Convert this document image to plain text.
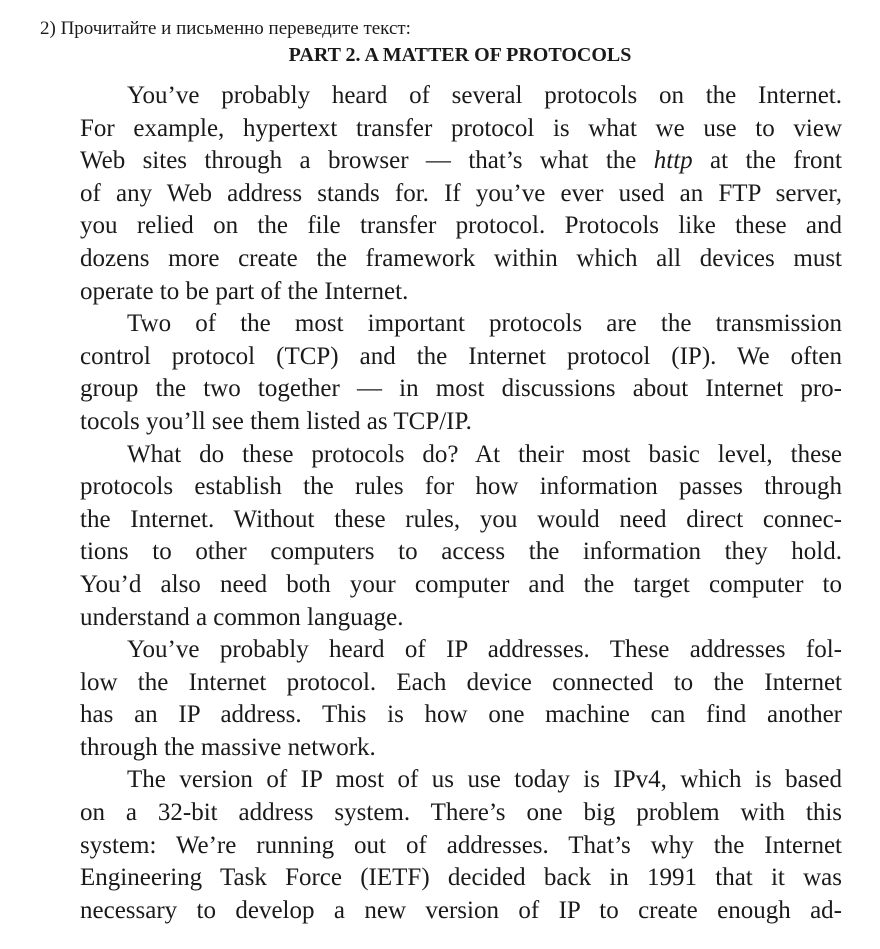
2) Прочитайте и письменно переведите текст:
PART 2. A MATTER OF PROTOCOLS
You’ve probably heard of several protocols on the Internet.
For example, hypertext transfer protocol is what we use to view
Web sites through a browser — that’s what the http at the front
of any Web address stands for. If you’ve ever used an FTP server,
you relied on the file transfer protocol. Protocols like these and
dozens more create the framework within which all devices must
operate to be part of the Internet.
Two of the most important protocols are the transmission
control protocol (TCP) and the Internet protocol (IP). We often
group the two together — in most discussions about Internet pro-
tocols you’ll see them listed as TCP/IP.
What do these protocols do? At their most basic level, these
protocols establish the rules for how information passes through
the Internet. Without these rules, you would need direct connec-
tions to other computers to access the information they hold.
You’d also need both your computer and the target computer to
understand a common language.
You’ve probably heard of IP addresses. These addresses fol-
low the Internet protocol. Each device connected to the Internet
has an IP address. This is how one machine can find another
through the massive network.
The version of IP most of us use today is IPv4, which is based
on a 32-bit address system. There’s one big problem with this
system: We’re running out of addresses. That’s why the Internet
Engineering Task Force (IETF) decided back in 1991 that it was
necessary to develop a new version of IP to create enough ad-
